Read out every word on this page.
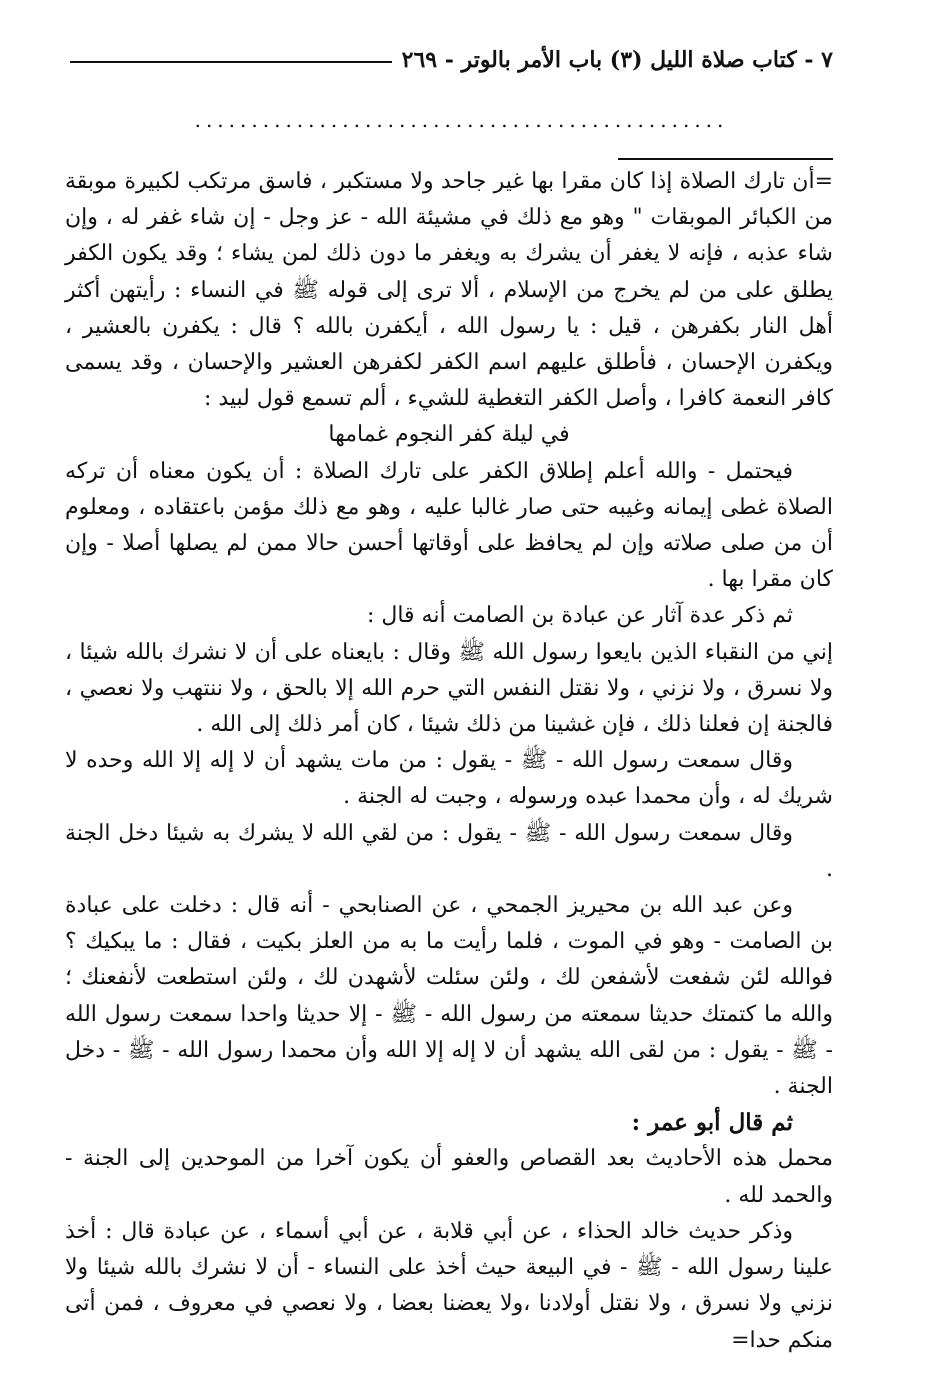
٧ - كتاب صلاة الليل (٣) باب الأمر بالوتر - ٢٦٩
...............................................

=أن تارك الصلاة إذا كان مقرا بها غير جاحد ولا مستكبر ، فاسق مرتكب لكبيرة موبقة من الكبائر الموبقات " وهو مع ذلك في مشيئة الله - عز وجل - إن شاء غفر له ، وإن شاء عذبه ، فإنه لا يغفر أن يشرك به ويغفر ما دون ذلك لمن يشاء ؛ وقد يكون الكفر يطلق على من لم يخرج من الإسلام ، ألا ترى إلى قوله ﷺ في النساء : رأيتهن أكثر أهل النار بكفرهن ، قيل : يا رسول الله ، أيكفرن بالله ؟ قال : يكفرن بالعشير ، ويكفرن الإحسان ، فأطلق عليهم اسم الكفر لكفرهن العشير والإحسان ، وقد يسمى كافر النعمة كافرا ، وأصل الكفر التغطية للشيء ، ألم تسمع قول لبيد :

في ليلة كفر النجوم غمامها

فيحتمل - والله أعلم إطلاق الكفر على تارك الصلاة : أن يكون معناه أن تركه الصلاة غطى إيمانه وغيبه حتى صار غالبا عليه ، وهو مع ذلك مؤمن باعتقاده ، ومعلوم أن من صلى صلاته وإن لم يحافظ على أوقاتها أحسن حالا ممن لم يصلها أصلا - وإن كان مقرا بها .

ثم ذكر عدة آثار عن عبادة بن الصامت أنه قال :

إني من النقباء الذين بايعوا رسول الله ﷺ وقال : بايعناه على أن لا نشرك بالله شيئا ، ولا نسرق ، ولا نزني ، ولا نقتل النفس التي حرم الله إلا بالحق ، ولا ننتهب ولا نعصي ، فالجنة إن فعلنا ذلك ، فإن غشينا من ذلك شيئا ، كان أمر ذلك إلى الله .

وقال سمعت رسول الله - ﷺ - يقول : من مات يشهد أن لا إله إلا الله وحده لا شريك له ، وأن محمدا عبده ورسوله ، وجبت له الجنة .

وقال سمعت رسول الله - ﷺ - يقول : من لقي الله لا يشرك به شيئا دخل الجنة .

وعن عبد الله بن محيريز الجمحي ، عن الصنابحي - أنه قال : دخلت على عبادة بن الصامت - وهو في الموت ، فلما رأيت ما به من العلز بكيت ، فقال : ما يبكيك ؟ فوالله لئن شفعت لأشفعن لك ، ولئن سئلت لأشهدن لك ، ولئن استطعت لأنفعنك ؛ والله ما كتمتك حديثا سمعته من رسول الله - ﷺ - إلا حديثا واحدا سمعت رسول الله - ﷺ - يقول : من لقى الله يشهد أن لا إله إلا الله وأن محمدا رسول الله - ﷺ - دخل الجنة .

ثم قال أبو عمر :

محمل هذه الأحاديث بعد القصاص والعفو أن يكون آخرا من الموحدين إلى الجنة - والحمد لله .

وذكر حديث خالد الحذاء ، عن أبي قلابة ، عن أبي أسماء ، عن عبادة قال : أخذ علينا رسول الله - ﷺ - في البيعة حيث أخذ على النساء - أن لا نشرك بالله شيئا ولا نزني ولا نسرق ، ولا نقتل أولادنا ،ولا يعضنا بعضا ، ولا نعصي في معروف ، فمن أتى منكم حدا=
